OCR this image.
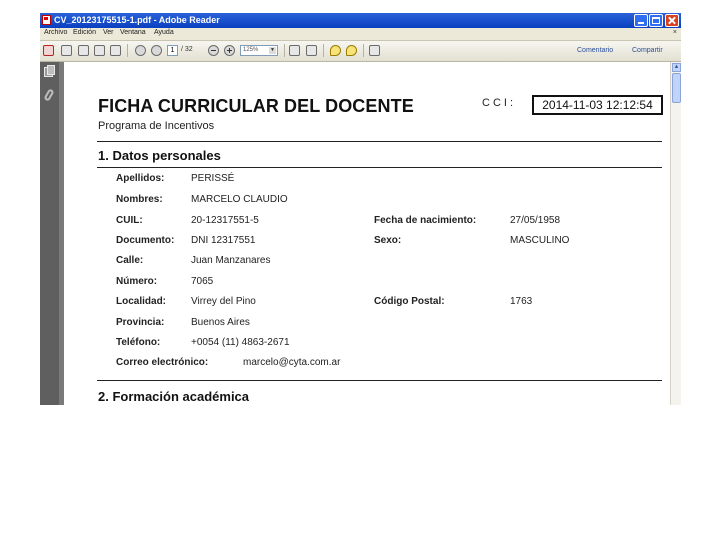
CV_20123175515-1.pdf - Adobe Reader
Archivo Edición Ver Ventana Ayuda	×
1 / 32	125% ▼	Comentario	Compartir
FICHA CURRICULAR DEL DOCENTE
Programa de Incentivos
CCI:	2014-11-03 12:12:54
1. Datos personales
Apellidos:	PERISSÉ
Nombres:	MARCELO CLAUDIO
CUIL:	20-12317551-5	Fecha de nacimiento:	27/05/1958
Documento: DNI 12317551	Sexo:	MASCULINO
Calle:	Juan Manzanares
Número:	7065
Localidad: Virrey del Pino	Código Postal:	1763
Provincia:	Buenos Aires
Teléfono:	+0054 (11) 4863-2671
Correo electrónico:	marcelo@cyta.com.ar
2. Formación académica
▲
